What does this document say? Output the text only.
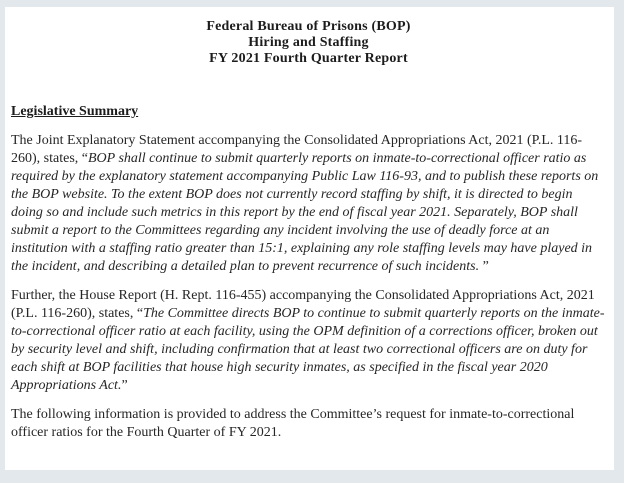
Federal Bureau of Prisons (BOP)
Hiring and Staffing
FY 2021 Fourth Quarter Report
Legislative Summary

The Joint Explanatory Statement accompanying the Consolidated Appropriations Act, 2021 (P.L. 116-260), states, “BOP shall continue to submit quarterly reports on inmate-to-correctional officer ratio as required by the explanatory statement accompanying Public Law 116-93, and to publish these reports on the BOP website. To the extent BOP does not currently record staffing by shift, it is directed to begin doing so and include such metrics in this report by the end of fiscal year 2021. Separately, BOP shall submit a report to the Committees regarding any incident involving the use of deadly force at an institution with a staffing ratio greater than 15:1, explaining any role staffing levels may have played in the incident, and describing a detailed plan to prevent recurrence of such incidents. ”

Further, the House Report (H. Rept. 116-455) accompanying the Consolidated Appropriations Act, 2021 (P.L. 116-260), states, “The Committee directs BOP to continue to submit quarterly reports on the inmate-to-correctional officer ratio at each facility, using the OPM definition of a corrections officer, broken out by security level and shift, including confirmation that at least two correctional officers are on duty for each shift at BOP facilities that house high security inmates, as specified in the fiscal year 2020 Appropriations Act.”

The following information is provided to address the Committee’s request for inmate-to-correctional officer ratios for the Fourth Quarter of FY 2021.
